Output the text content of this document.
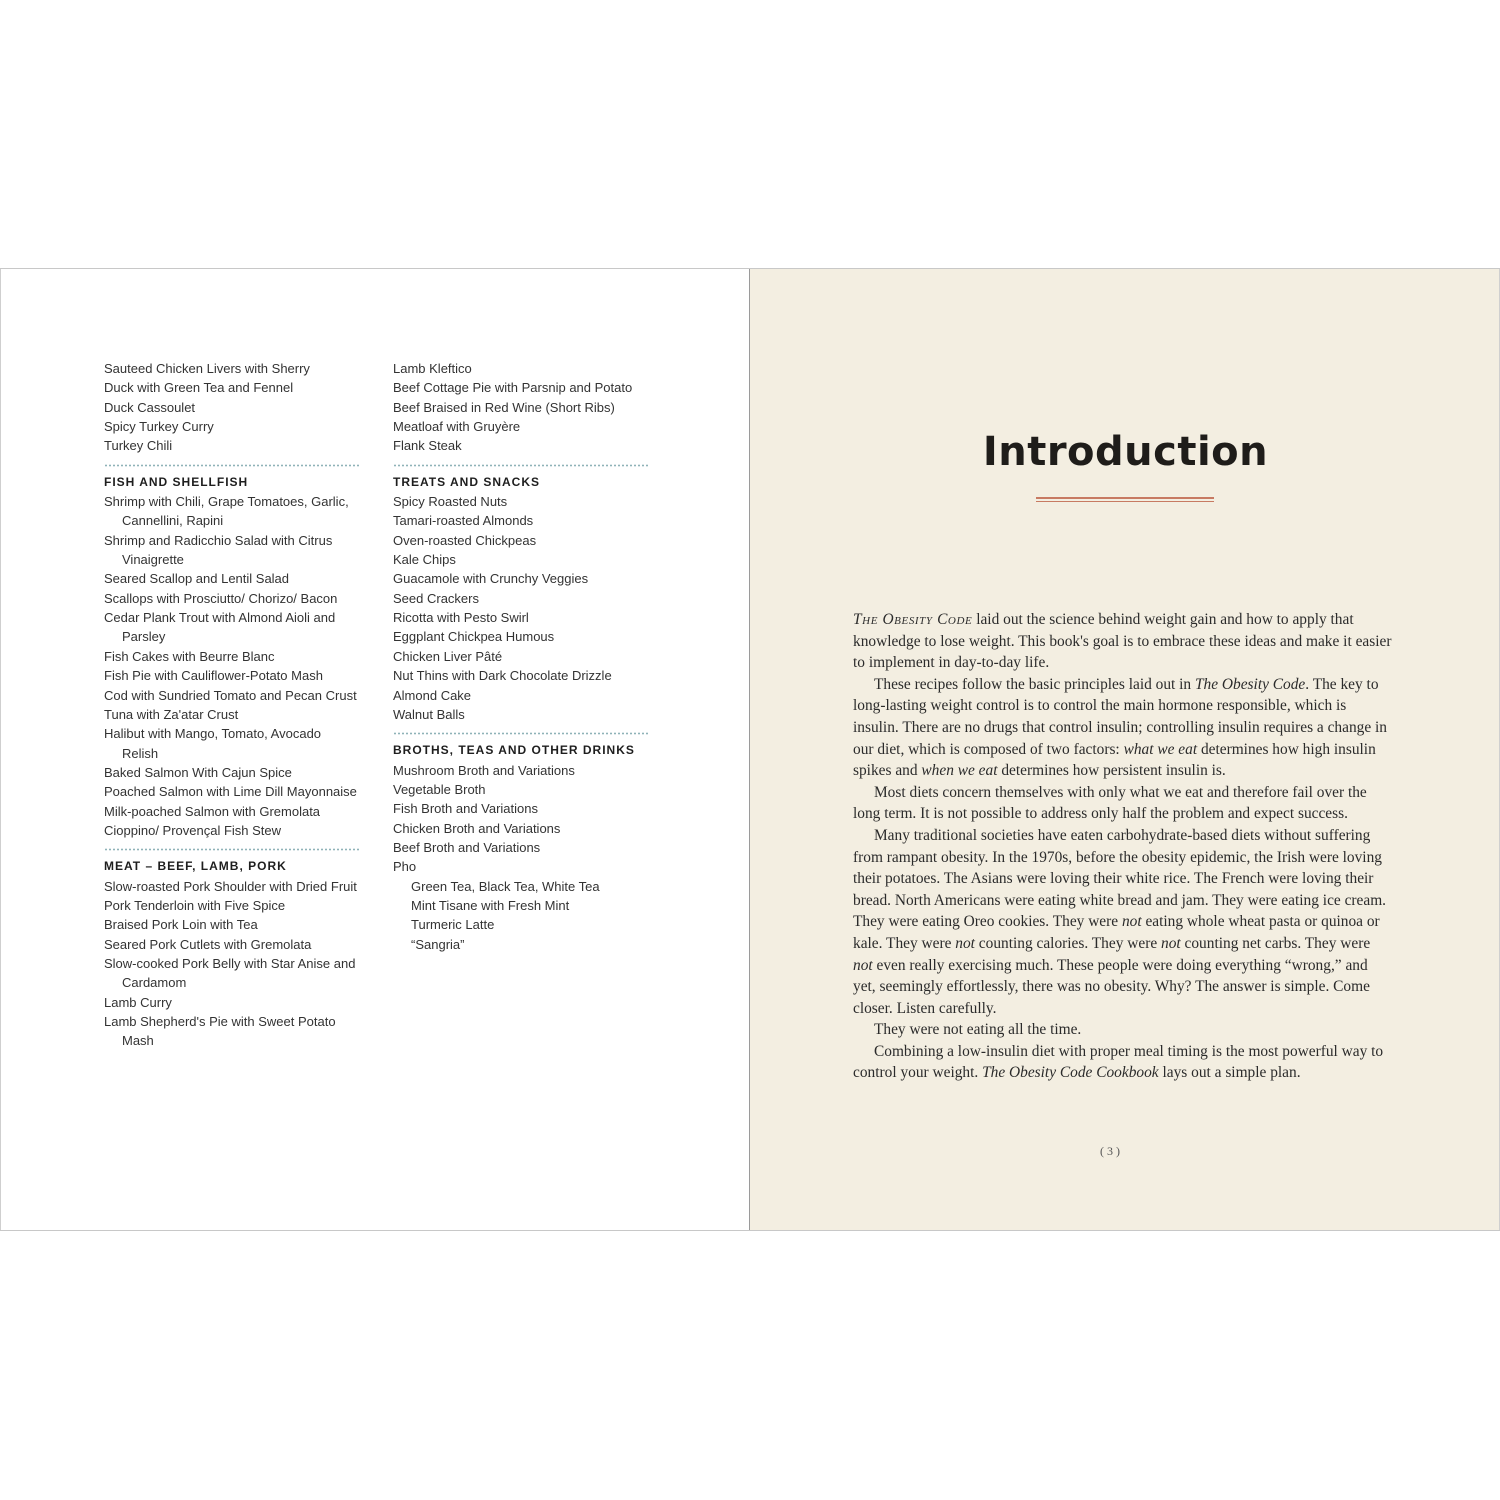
Sauteed Chicken Livers with Sherry
Duck with Green Tea and Fennel
Duck Cassoulet
Spicy Turkey Curry
Turkey Chili
FISH AND SHELLFISH
Shrimp with Chili, Grape Tomatoes, Garlic, Cannellini, Rapini
Shrimp and Radicchio Salad with Citrus Vinaigrette
Seared Scallop and Lentil Salad
Scallops with Prosciutto/ Chorizo/ Bacon
Cedar Plank Trout with Almond Aioli and Parsley
Fish Cakes with Beurre Blanc
Fish Pie with Cauliflower-Potato Mash
Cod with Sundried Tomato and Pecan Crust
Tuna with Za'atar Crust
Halibut with Mango, Tomato, Avocado Relish
Baked Salmon With Cajun Spice
Poached Salmon with Lime Dill Mayonnaise
Milk-poached Salmon with Gremolata
Cioppino/ Provençal Fish Stew
MEAT – BEEF, LAMB, PORK
Slow-roasted Pork Shoulder with Dried Fruit
Pork Tenderloin with Five Spice
Braised Pork Loin with Tea
Seared Pork Cutlets with Gremolata
Slow-cooked Pork Belly with Star Anise and Cardamom
Lamb Curry
Lamb Shepherd's Pie with Sweet Potato Mash
Lamb Kleftico
Beef Cottage Pie with Parsnip and Potato
Beef Braised in Red Wine (Short Ribs)
Meatloaf with Gruyère
Flank Steak
TREATS AND SNACKS
Spicy Roasted Nuts
Tamari-roasted Almonds
Oven-roasted Chickpeas
Kale Chips
Guacamole with Crunchy Veggies
Seed Crackers
Ricotta with Pesto Swirl
Eggplant Chickpea Humous
Chicken Liver Pâté
Nut Thins with Dark Chocolate Drizzle
Almond Cake
Walnut Balls
BROTHS, TEAS AND OTHER DRINKS
Mushroom Broth and Variations
Vegetable Broth
Fish Broth and Variations
Chicken Broth and Variations
Beef Broth and Variations
Pho
Green Tea, Black Tea, White Tea
Mint Tisane with Fresh Mint
Turmeric Latte
“Sangria”
Introduction

The Obesity Code laid out the science behind weight gain and how to apply that knowledge to lose weight. This book's goal is to embrace these ideas and make it easier to implement in day-to-day life.

These recipes follow the basic principles laid out in The Obesity Code. The key to long-lasting weight control is to control the main hormone responsible, which is insulin. There are no drugs that control insulin; controlling insulin requires a change in our diet, which is composed of two factors: what we eat determines how high insulin spikes and when we eat determines how persistent insulin is.

Most diets concern themselves with only what we eat and therefore fail over the long term. It is not possible to address only half the problem and expect success.

Many traditional societies have eaten carbohydrate-based diets without suffering from rampant obesity. In the 1970s, before the obesity epidemic, the Irish were loving their potatoes. The Asians were loving their white rice. The French were loving their bread. North Americans were eating white bread and jam. They were eating ice cream. They were eating Oreo cookies. They were not eating whole wheat pasta or quinoa or kale. They were not counting calories. They were not counting net carbs. They were not even really exercising much. These people were doing everything “wrong,” and yet, seemingly effortlessly, there was no obesity. Why? The answer is simple. Come closer. Listen carefully.

They were not eating all the time.

Combining a low-insulin diet with proper meal timing is the most powerful way to control your weight. The Obesity Code Cookbook lays out a simple plan.

( 3 )
